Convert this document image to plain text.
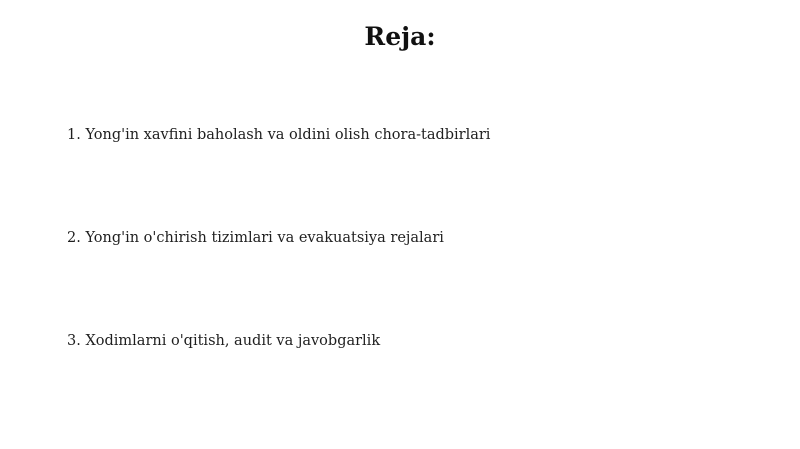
Reja:
1. Yong'in xavfini baholash va oldini olish chora-tadbirlari
2. Yong'in o'chirish tizimlari va evakuatsiya rejalari
3. Xodimlarni o'qitish, audit va javobgarlik
